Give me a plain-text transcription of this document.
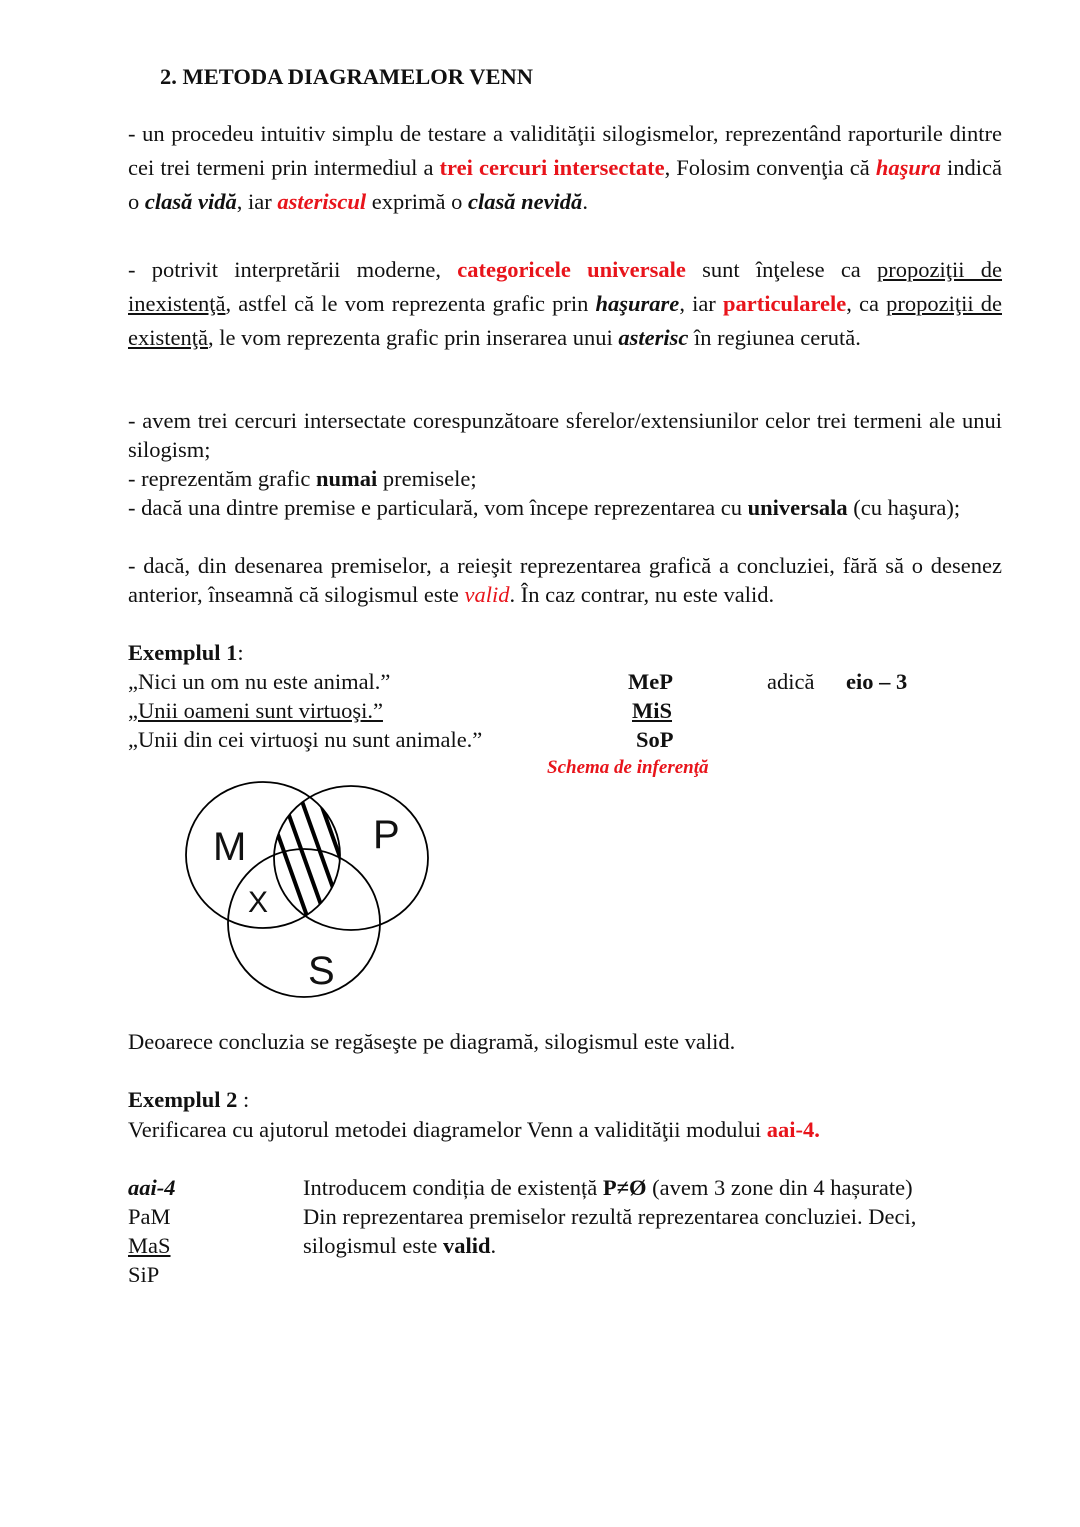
2. METODA DIAGRAMELOR VENN
- un procedeu intuitiv simplu de testare a validităţii silogismelor, reprezentând raporturile dintre cei trei termeni prin intermediul a trei cercuri intersectate, Folosim convenţia că haşura indică o clasă vidă, iar asteriscul exprimă o clasă nevidă.
- potrivit interpretării moderne, categoricele universale sunt înţelese ca propoziţii de inexistenţă, astfel că le vom reprezenta grafic prin haşurare, iar particularele, ca propoziţii de existenţă, le vom reprezenta grafic prin inserarea unui asterisc în regiunea cerută.
- avem trei cercuri intersectate corespunzătoare sferelor/extensiunilor celor trei termeni ale unui silogism;
- reprezentăm grafic numai premisele;
- dacă una dintre premise e particulară, vom începe reprezentarea cu universala (cu haşura);
- dacă, din desenarea premiselor, a reieşit reprezentarea grafică a concluziei, fără să o desenez anterior, înseamnă că silogismul este valid. În caz contrar, nu este valid.
Exemplul 1:
„Nici un om nu este animal.”
„Unii oameni sunt virtuoşi.”
„Unii din cei virtuoşi nu sunt animale.”
MeP
MiS
SoP
adică eio – 3
Schema de inferenţă
M	P
X
S
Deoarece concluzia se regăseşte pe diagramă, silogismul este valid.
Exemplul 2 :
Verificarea cu ajutorul metodei diagramelor Venn a validităţii modului aai-4.
aai-4
PaM
MaS
SiP
Introducem condiția de existență P≠Ø (avem 3 zone din 4 hașurate)
Din reprezentarea premiselor rezultă reprezentarea concluziei. Deci,
silogismul este valid.
